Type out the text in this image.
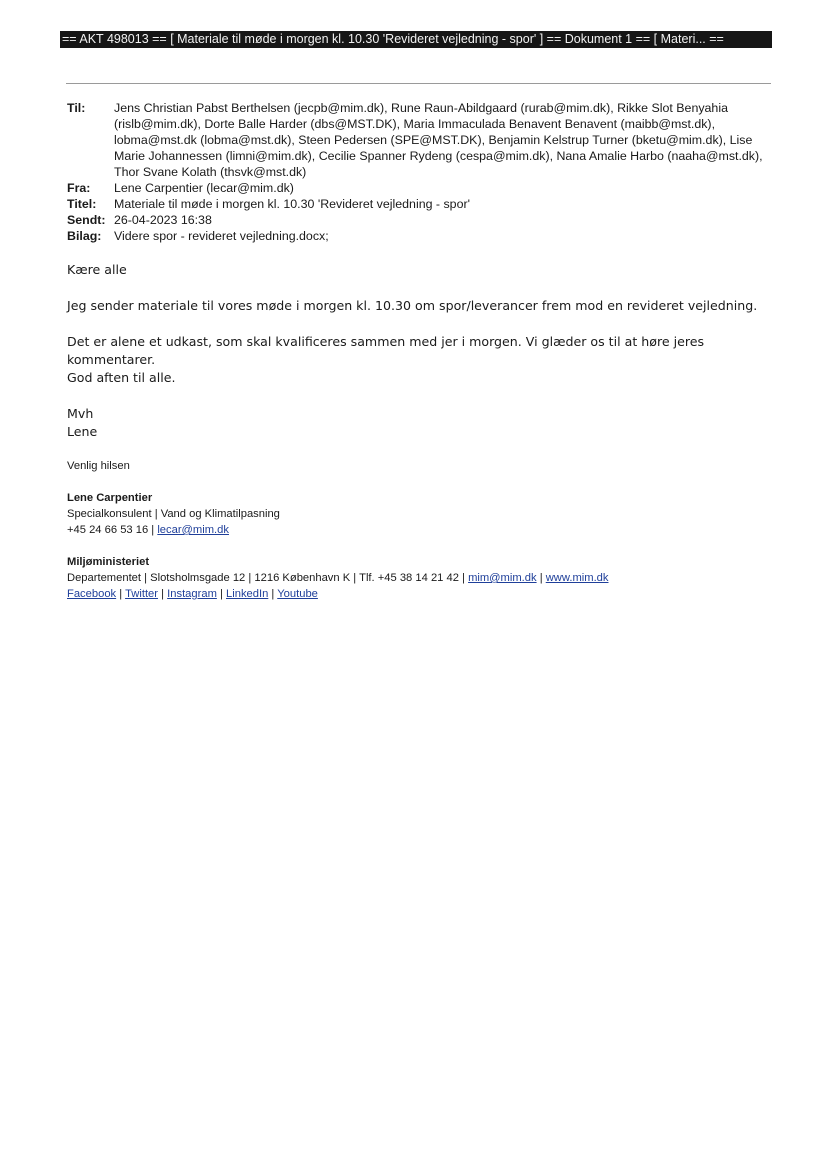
== AKT 498013 == [ Materiale til møde i morgen kl. 10.30 'Revideret vejledning - spor' ] == Dokument 1 == [ Materi... ==
Til:	Jens Christian Pabst Berthelsen (jecpb@mim.dk), Rune Raun-Abildgaard (rurab@mim.dk), Rikke Slot Benyahia (rislb@mim.dk), Dorte Balle Harder (dbs@MST.DK), Maria Immaculada Benavent Benavent (maibb@mst.dk), lobma@mst.dk (lobma@mst.dk), Steen Pedersen (SPE@MST.DK), Benjamin Kelstrup Turner (bketu@mim.dk), Lise Marie Johannessen (limni@mim.dk), Cecilie Spanner Rydeng (cespa@mim.dk), Nana Amalie Harbo (naaha@mst.dk), Thor Svane Kolath (thsvk@mst.dk)
Fra:	Lene Carpentier (lecar@mim.dk)
Titel:	Materiale til møde i morgen kl. 10.30 'Revideret vejledning - spor'
Sendt: 26-04-2023 16:38
Bilag:	Videre spor - revideret vejledning.docx;
Kære alle
Jeg sender materiale til vores møde i morgen kl. 10.30 om spor/leverancer frem mod en revideret vejledning.
Det er alene et udkast, som skal kvalificeres sammen med jer i morgen. Vi glæder os til at høre jeres kommentarer.
God aften til alle.
Mvh
Lene
Venlig hilsen
Lene Carpentier
Specialkonsulent | Vand og Klimatilpasning
+45 24 66 53 16 | lecar@mim.dk
Miljøministeriet
Departementet | Slotsholmsgade 12 | 1216 København K | Tlf. +45 38 14 21 42 | mim@mim.dk | www.mim.dk
Facebook | Twitter | Instagram | LinkedIn | Youtube
